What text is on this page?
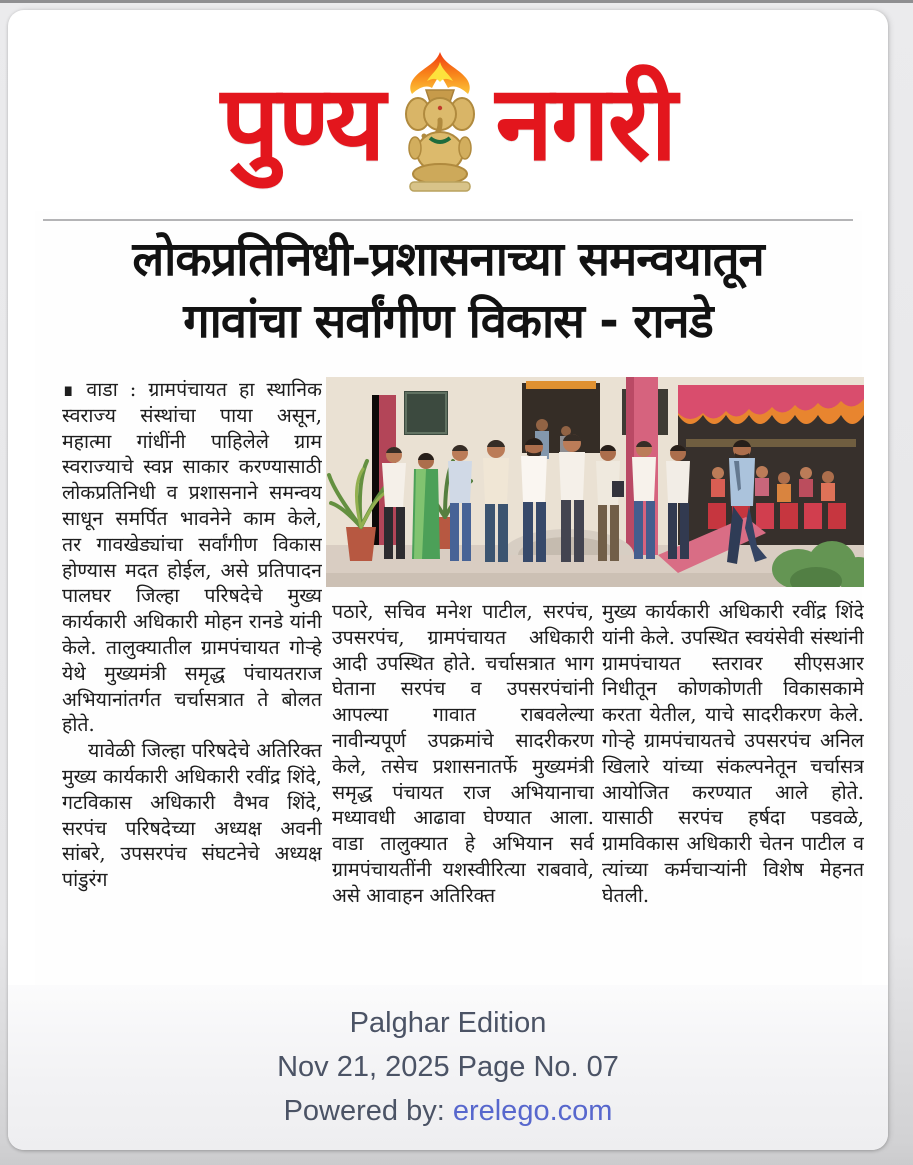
पुण्य नगरी
लोकप्रतिनिधी-प्रशासनाच्या समन्वयातून
गावांचा सर्वांगीण विकास - रानडे

∎ वाडा : ग्रामपंचायत हा स्थानिक स्वराज्य संस्थांचा पाया असून, महात्मा गांधींनी पाहिलेले ग्राम स्वराज्याचे स्वप्न साकार करण्यासाठी लोकप्रतिनिधी व प्रशासनाने समन्वय साधून समर्पित भावनेने काम केले, तर गावखेड्यांचा सर्वांगीण विकास होण्यास मदत होईल, असे प्रतिपादन पालघर जिल्हा परिषदेचे मुख्य कार्यकारी अधिकारी मोहन रानडे यांनी केले. तालुक्यातील ग्रामपंचायत गोऱ्हे येथे मुख्यमंत्री समृद्ध पंचायतराज अभियानांतर्गत चर्चासत्रात ते बोलत होते.

यावेळी जिल्हा परिषदेचे अतिरिक्त मुख्य कार्यकारी अधिकारी रवींद्र शिंदे, गटविकास अधिकारी वैभव शिंदे, सरपंच परिषदेच्या अध्यक्ष अवनी सांबरे, उपसरपंच संघटनेचे अध्यक्ष पांडुरंग

पठारे, सचिव मनेश पाटील, सरपंच, उपसरपंच, ग्रामपंचायत अधिकारी आदी उपस्थित होते. चर्चासत्रात भाग घेताना सरपंच व उपसरपंचांनी आपल्या गावात राबवलेल्या नावीन्यपूर्ण उपक्रमांचे सादरीकरण केले, तसेच प्रशासनातर्फे मुख्यमंत्री समृद्ध पंचायत राज अभियानाचा मध्यावधी आढावा घेण्यात आला. वाडा तालुक्यात हे अभियान सर्व ग्रामपंचायतींनी यशस्वीरित्या राबवावे, असे आवाहन अतिरिक्त

मुख्य कार्यकारी अधिकारी रवींद्र शिंदे यांनी केले. उपस्थित स्वयंसेवी संस्थांनी ग्रामपंचायत स्तरावर सीएसआर निधीतून कोणकोणती विकासकामे करता येतील, याचे सादरीकरण केले. गोऱ्हे ग्रामपंचायतचे उपसरपंच अनिल खिलारे यांच्या संकल्पनेतून चर्चासत्र आयोजित करण्यात आले होते. यासाठी सरपंच हर्षदा पडवळे, ग्रामविकास अधिकारी चेतन पाटील व त्यांच्या कर्मचाऱ्यांनी विशेष मेहनत घेतली.

Palghar Edition
Nov 21, 2025 Page No. 07
Powered by: erelego.com
